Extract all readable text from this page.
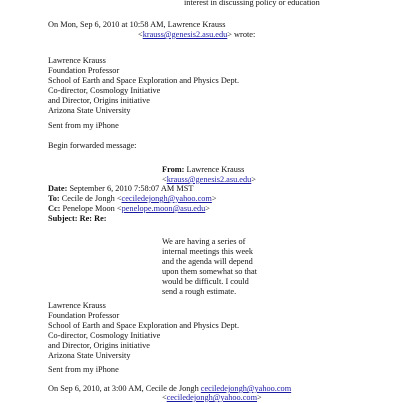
interest in discussing policy or education
On Mon, Sep 6, 2010 at 10:58 AM, Lawrence Krauss
<krauss@genesis2.asu.edu> wrote:
Lawrence Krauss
Foundation Professor
School of Earth and Space Exploration and Physics Dept.
Co-director, Cosmology Initiative
and Director, Origins initiative
Arizona State University
Sent from my iPhone
Begin forwarded message:
From: Lawrence Krauss
<krauss@genesis2.asu.edu>
Date: September 6, 2010 7:58:07 AM MST
To: Cecile de Jongh <ceciledejongh@yahoo.com>
Cc: Penelope Moon <penelope.moon@asu.edu>
Subject: Re: Re:
We are having a series of
internal meetings this week
and the agenda will depend
upon them somewhat so that
would be difficult. I could
send a rough estimate.
Lawrence Krauss
Foundation Professor
School of Earth and Space Exploration and Physics Dept.
Co-director, Cosmology Initiative
and Director, Origins initiative
Arizona State University
Sent from my iPhone
On Sep 6, 2010, at 3:00 AM, Cecile de Jongh ceciledejongh@yahoo.com
<ceciledejongh@yahoo.com>
